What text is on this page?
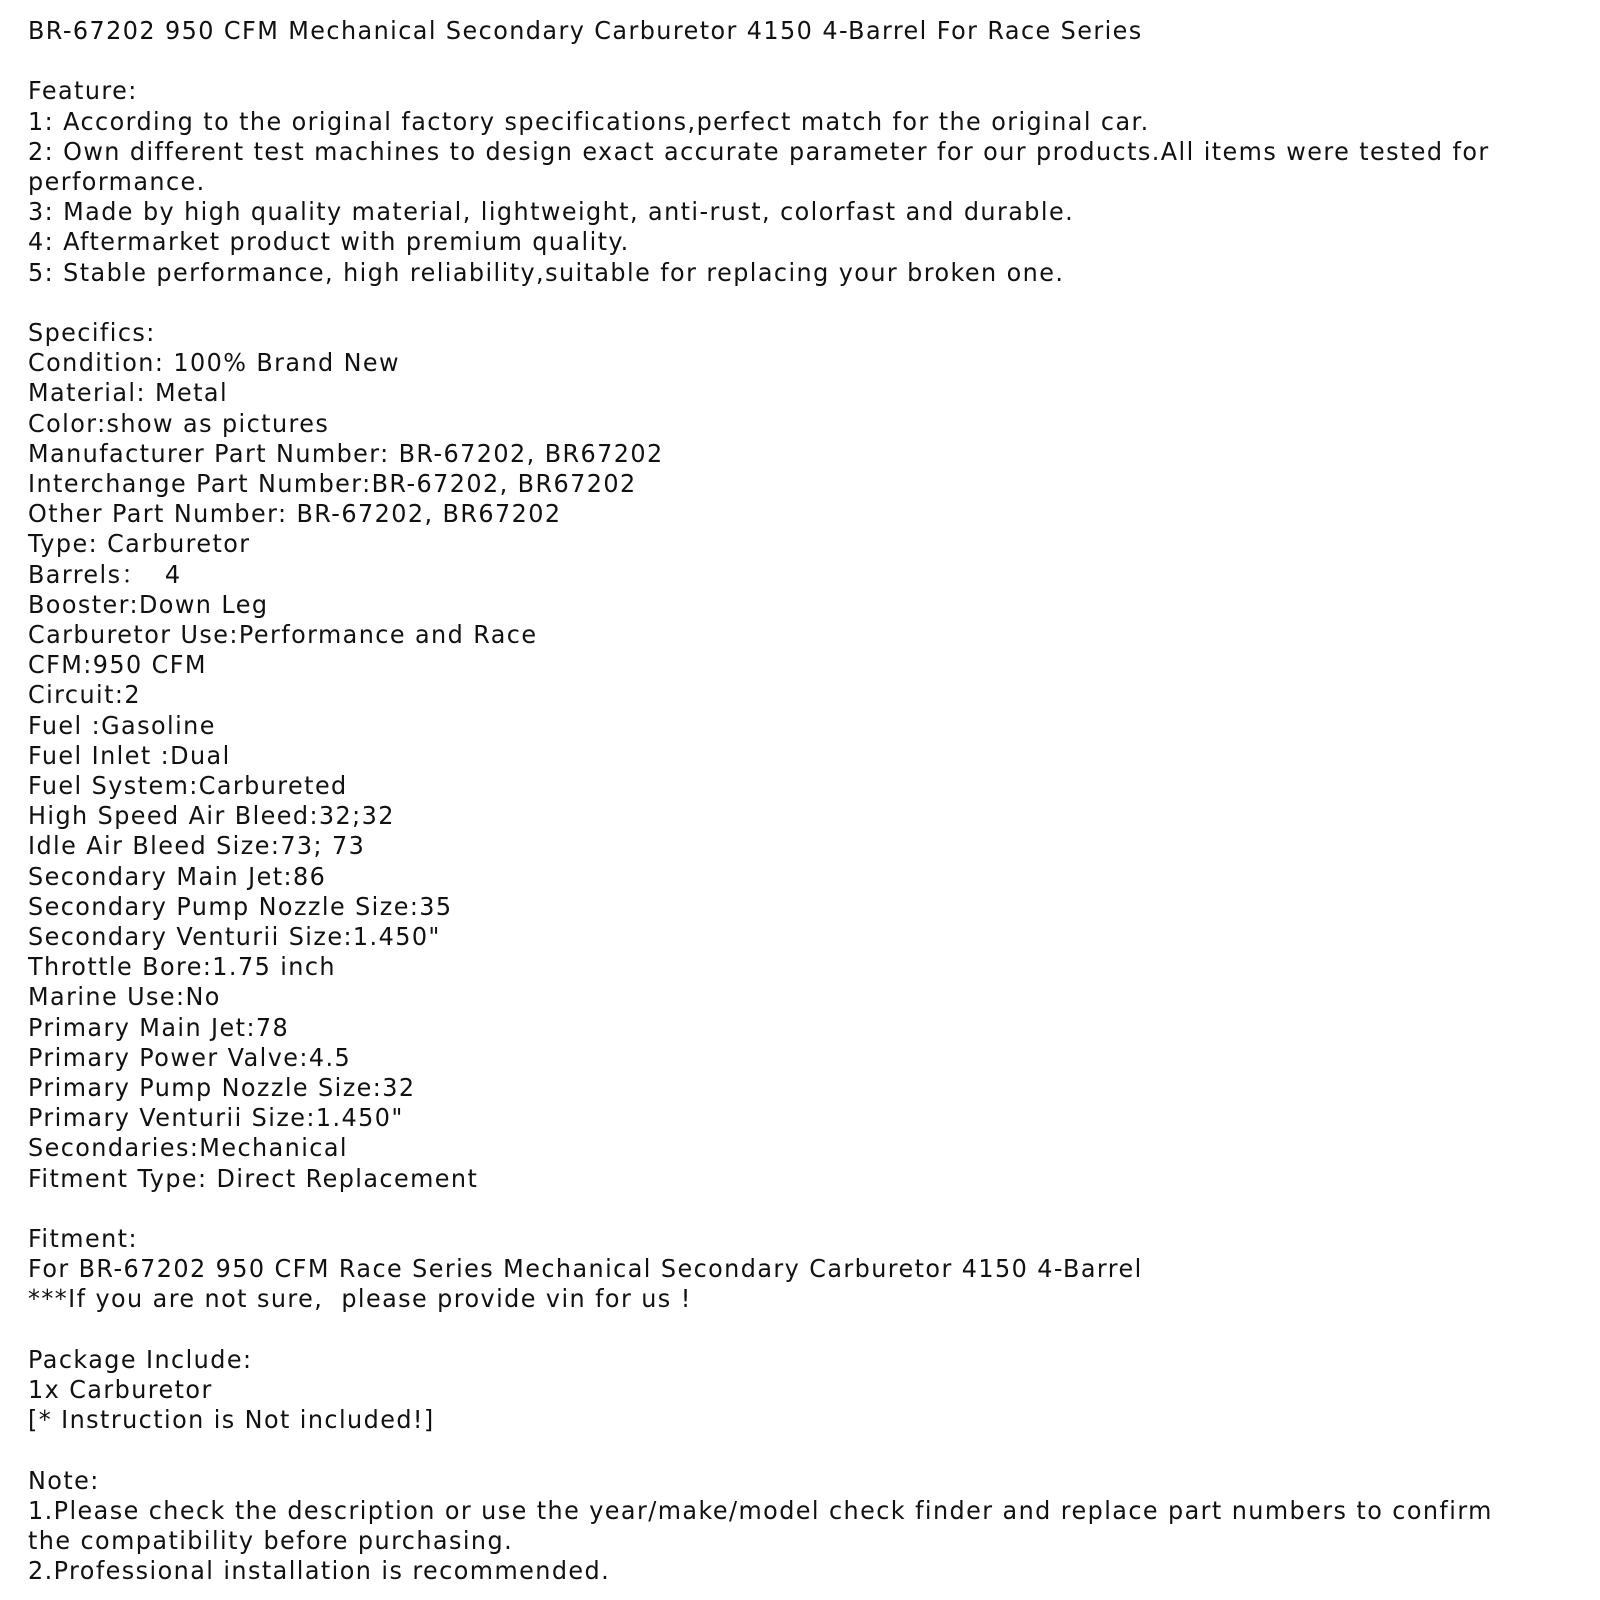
BR-67202 950 CFM Mechanical Secondary Carburetor 4150 4-Barrel For Race Series
Feature:
1: According to the original factory specifications,perfect match for the original car.
2: Own different test machines to design exact accurate parameter for our products.All items were tested for performance.
3: Made by high quality material, lightweight, anti-rust, colorfast and durable.
4: Aftermarket product with premium quality.
5: Stable performance, high reliability,suitable for replacing your broken one.
Specifics:
Condition: 100% Brand New
Material: Metal
Color:show as pictures
Manufacturer Part Number: BR-67202, BR67202
Interchange Part Number:BR-67202, BR67202
Other Part Number: BR-67202, BR67202
Type: Carburetor
Barrels：  4
Booster:Down Leg
Carburetor Use:Performance and Race
CFM:950 CFM
Circuit:2
Fuel :Gasoline
Fuel Inlet :Dual
Fuel System:Carbureted
High Speed Air Bleed:32;32
Idle Air Bleed Size:73; 73
Secondary Main Jet:86
Secondary Pump Nozzle Size:35
Secondary Venturii Size:1.450"
Throttle Bore:1.75 inch
Marine Use:No
Primary Main Jet:78
Primary Power Valve:4.5
Primary Pump Nozzle Size:32
Primary Venturii Size:1.450"
Secondaries:Mechanical
Fitment Type: Direct Replacement
Fitment:
For BR-67202 950 CFM Race Series Mechanical Secondary Carburetor 4150 4-Barrel
***If you are not sure,  please provide vin for us !
Package Include:
1x Carburetor
[* Instruction is Not included!]
Note:
1.Please check the description or use the year/make/model check finder and replace part numbers to confirm the compatibility before purchasing.
2.Professional installation is recommended.
